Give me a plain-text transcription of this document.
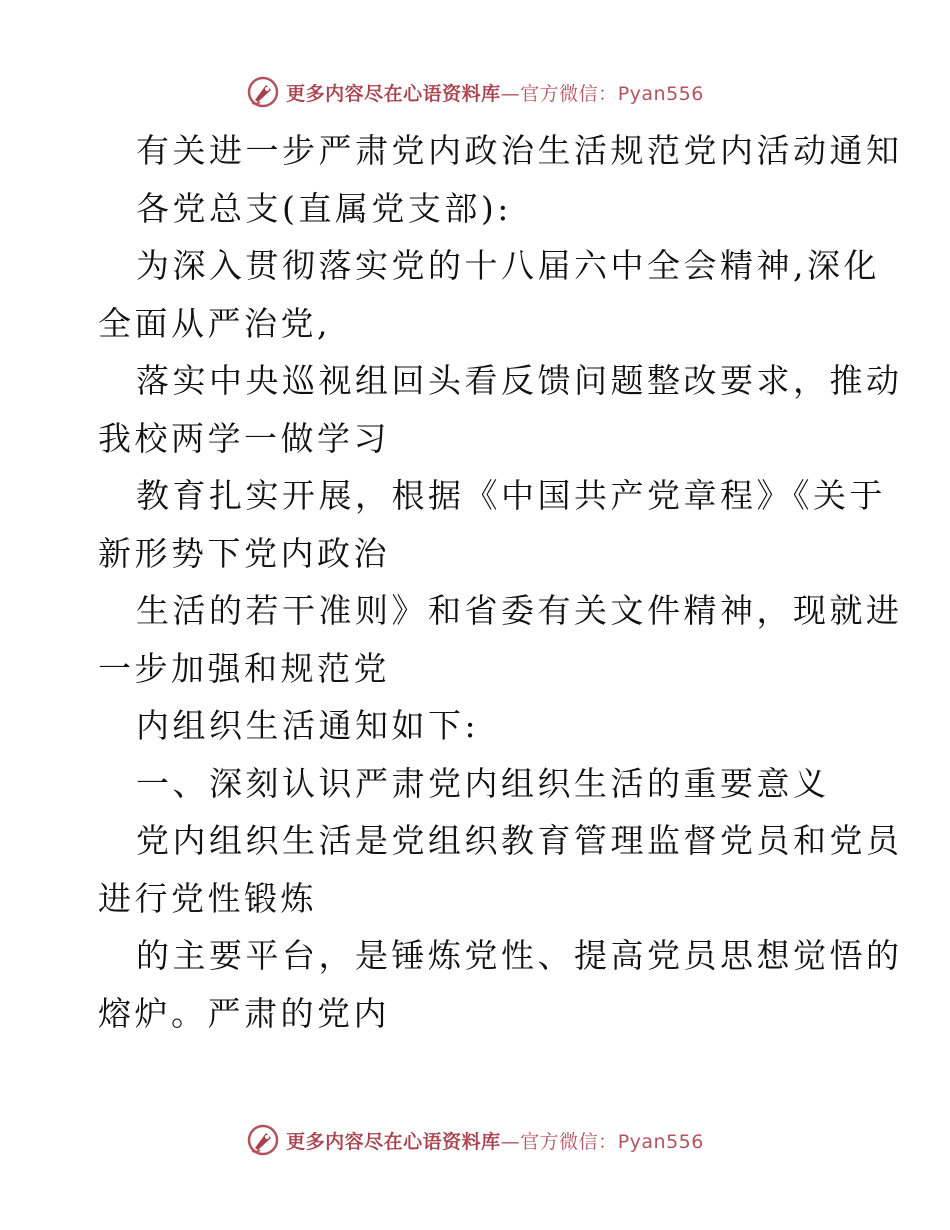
更多内容尽在心语资料库—官方微信：Pyan556
有关进一步严肃党内政治生活规范党内活动通知
各党总支(直属党支部):
为深入贯彻落实党的十八届六中全会精神,深化
全面从严治党,
落实中央巡视组回头看反馈问题整改要求，推动
我校两学一做学习
教育扎实开展，根据《中国共产党章程》《关于
新形势下党内政治
生活的若干准则》和省委有关文件精神，现就进
一步加强和规范党
内组织生活通知如下:
一、深刻认识严肃党内组织生活的重要意义
党内组织生活是党组织教育管理监督党员和党员
进行党性锻炼
的主要平台，是锤炼党性、提高党员思想觉悟的
熔炉。严肃的党内
更多内容尽在心语资料库—官方微信：Pyan556
